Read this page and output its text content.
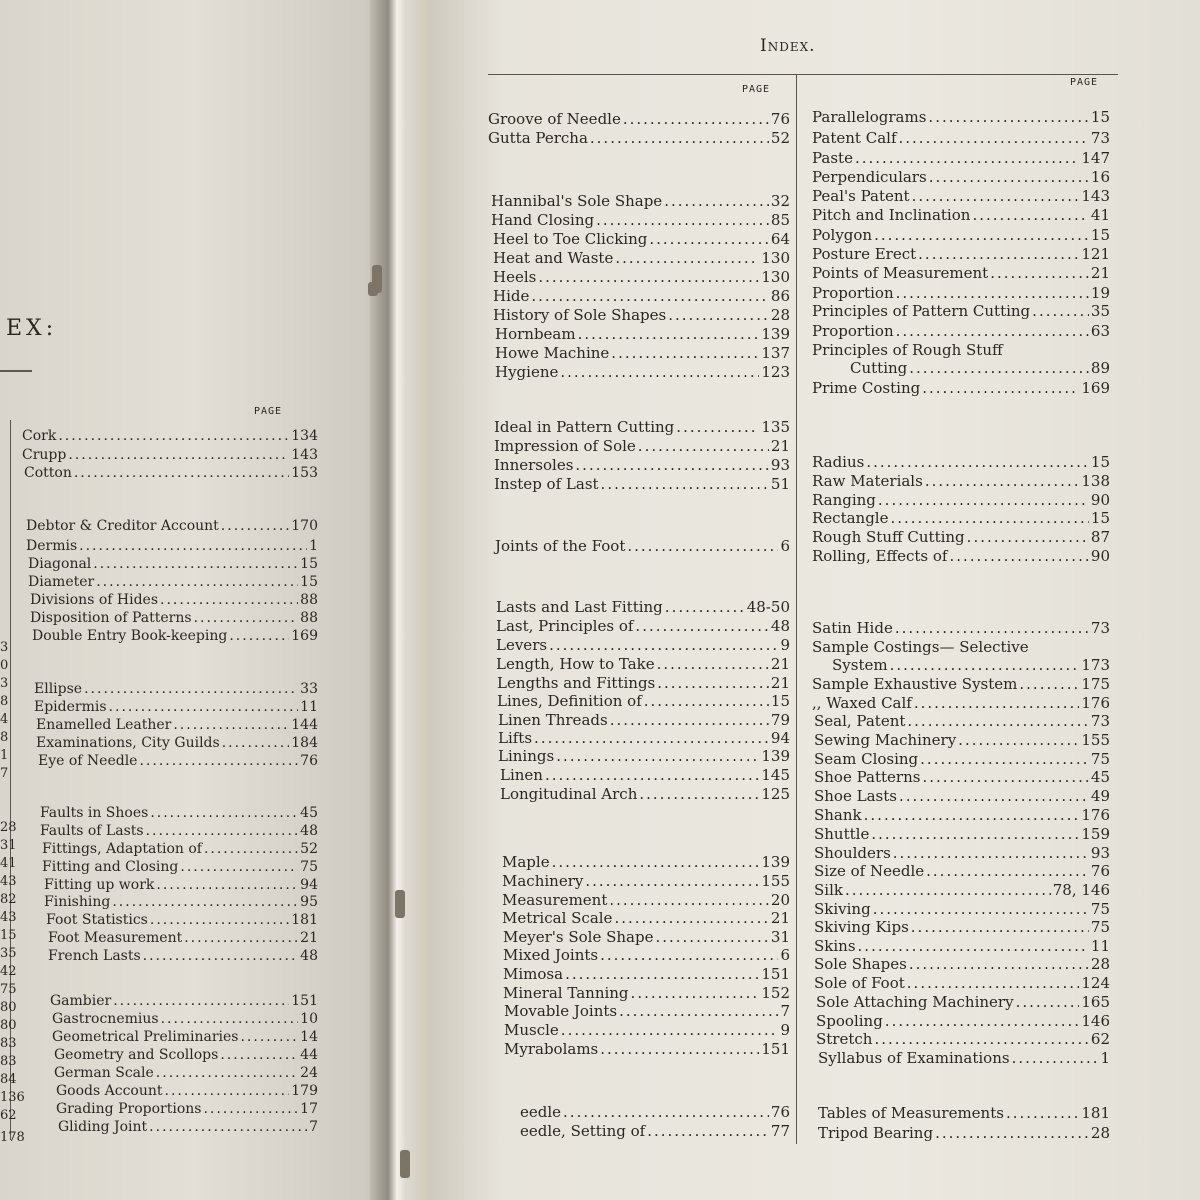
Index.
EX:
PAGE
PAGE
PAGE
Cork .....	134
Crupp .....	143
Cotton .....	153
Debtor & Creditor Account .....	170
Dermis .....	1
Diagonal .....	15
Diameter .....	15
Divisions of Hides .....	88
Disposition of Patterns .....	88
Double Entry Book-keeping .....	169
Ellipse .....	33
Epidermis .....	11
Enamelled Leather .....	144
Examinations, City Guilds .....	184
Eye of Needle .....	76
Faults in Shoes .....	45
Faults of Lasts .....	48
Fittings, Adaptation of .....	52
Fitting and Closing .....	75
Fitting up work .....	94
Finishing .....	95
Foot Statistics .....	181
Foot Measurement .....	21
French Lasts .....	48
Gambier .....	151
Gastrocnemius .....	10
Geometrical Preliminaries .....	14
Geometry and Scollops .....	44
German Scale .....	24
Goods Account .....	179
Grading Proportions .....	17
Gliding Joint .....	7
3
0
3
8
4
8
1
7
28
31
41
43
82
43
15
35
42
75
80
80
83
83
84
136
62
178
Groove of Needle .....	76
Gutta Percha .....	52
Hannibal's Sole Shape .....	32
Hand Closing .....	85
Heel to Toe Clicking .....	64
Heat and Waste .....	130
Heels .....	130
Hide .....	86
History of Sole Shapes .....	28
Hornbeam .....	139
Howe Machine .....	137
Hygiene .....	123
Ideal in Pattern Cutting .....	135
Impression of Sole .....	21
Innersoles .....	93
Instep of Last .....	51
Joints of the Foot .....	6
Lasts and Last Fitting .....	48-50
Last, Principles of .....	48
Levers .....	9
Length, How to Take .....	21
Lengths and Fittings .....	21
Lines, Definition of .....	15
Linen Threads .....	79
Lifts .....	94
Linings .....	139
Linen .....	145
Longitudinal Arch .....	125
Maple .....	139
Machinery .....	155
Measurement .....	20
Metrical Scale .....	21
Meyer's Sole Shape .....	31
Mixed Joints .....	6
Mimosa .....	151
Mineral Tanning .....	152
Movable Joints .....	7
Muscle .....	9
Myrabolams .....	151
eedle .....	76
eedle, Setting of .....	77
Parallelograms .....	15
Patent Calf .....	73
Paste .....	147
Perpendiculars .....	16
Peal's Patent .....	143
Pitch and Inclination .....	41
Polygon .....	15
Posture Erect .....	121
Points of Measurement .....	21
Proportion .....	19
Principles of Pattern Cutting .....	35
Proportion .....	63
Principles of Rough Stuff
Cutting .....	89
Prime Costing .....	169
Radius .....	15
Raw Materials .....	138
Ranging .....	90
Rectangle .....	15
Rough Stuff Cutting .....	87
Rolling, Effects of .....	90
Satin Hide .....	73
Sample Costings— Selective
System .....	173
Sample Exhaustive System .....	175
,, Waxed Calf .....	176
Seal, Patent .....	73
Sewing Machinery .....	155
Seam Closing .....	75
Shoe Patterns .....	45
Shoe Lasts .....	49
Shank .....	176
Shuttle .....	159
Shoulders .....	93
Size of Needle .....	76
Silk .....	78, 146
Skiving .....	75
Skiving Kips .....	75
Skins .....	11
Sole Shapes .....	28
Sole of Foot .....	124
Sole Attaching Machinery .....	165
Spooling .....	146
Stretch .....	62
Syllabus of Examinations .....	1
Tables of Measurements .....	181
Tripod Bearing .....	28
